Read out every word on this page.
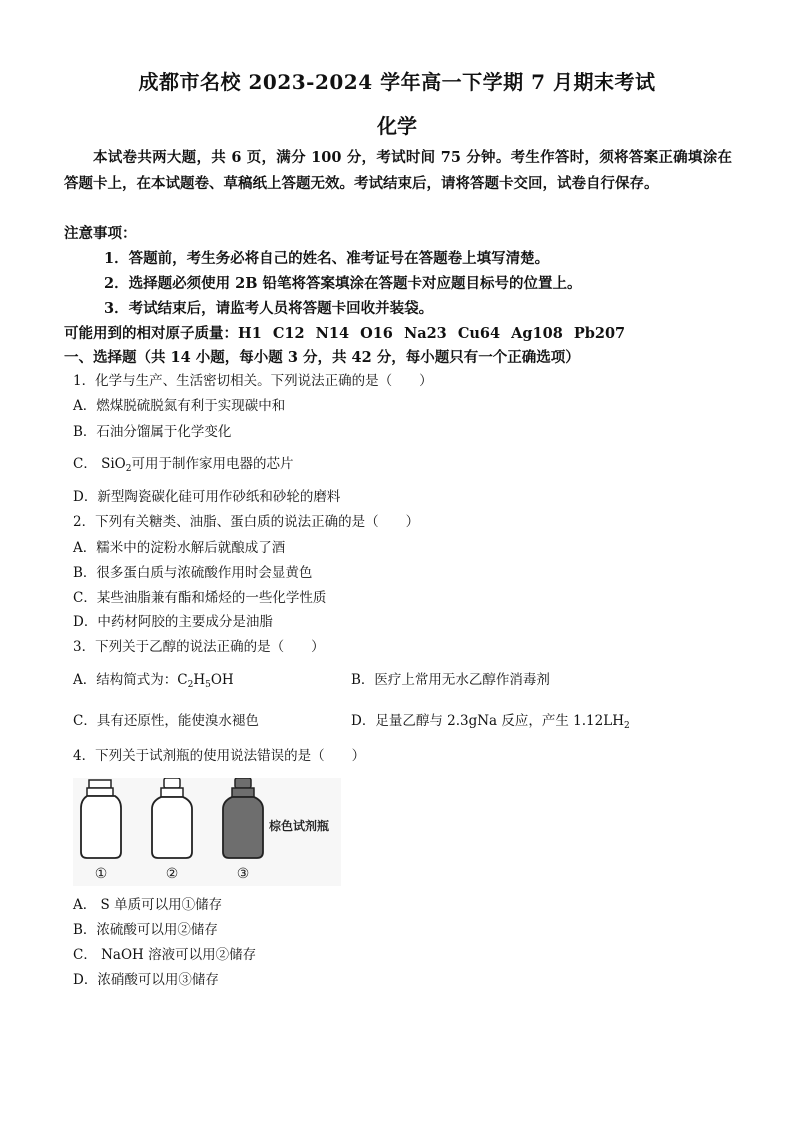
成都市名校 2023-2024 学年高一下学期 7 月期末考试
化学
本试卷共两大题，共 6 页，满分 100 分，考试时间 75 分钟。考生作答时，须将答案正确填涂在答题卡上，在本试题卷、草稿纸上答题无效。考试结束后，请将答题卡交回，试卷自行保存。
注意事项：
1．答题前，考生务必将自己的姓名、准考证号在答题卷上填写清楚。
2．选择题必须使用 2B 铅笔将答案填涂在答题卡对应题目标号的位置上。
3．考试结束后，请监考人员将答题卡回收并装袋。
可能用到的相对原子质量：H1 C12 N14 O16 Na23 Cu64 Ag108 Pb207
一、选择题（共 14 小题，每小题 3 分，共 42 分，每小题只有一个正确选项）
1．化学与生产、生活密切相关。下列说法正确的是（　　）
A．燃煤脱硫脱氮有利于实现碳中和
B．石油分馏属于化学变化
C． SiO$_2$可用于制作家用电器的芯片
D．新型陶瓷碳化硅可用作砂纸和砂轮的磨料
2．下列有关糖类、油脂、蛋白质的说法正确的是（　　）
A．糯米中的淀粉水解后就酿成了酒
B．很多蛋白质与浓硫酸作用时会显黄色
C．某些油脂兼有酯和烯烃的一些化学性质
D．中药材阿胶的主要成分是油脂
3．下列关于乙醇的说法正确的是（　　）
A．结构简式为：$C_2H_5OH$	B．医疗上常用无水乙醇作消毒剂
C．具有还原性，能使溴水褪色	D．足量乙醇与 2.3gNa 反应，产生 $1.12LH_2$
4．下列关于试剂瓶的使用说法错误的是（　　）
棕色试剂瓶
①	②	③
A． S 单质可以用①储存
B．浓硫酸可以用②储存
C． NaOH 溶液可以用②储存
D．浓硝酸可以用③储存
